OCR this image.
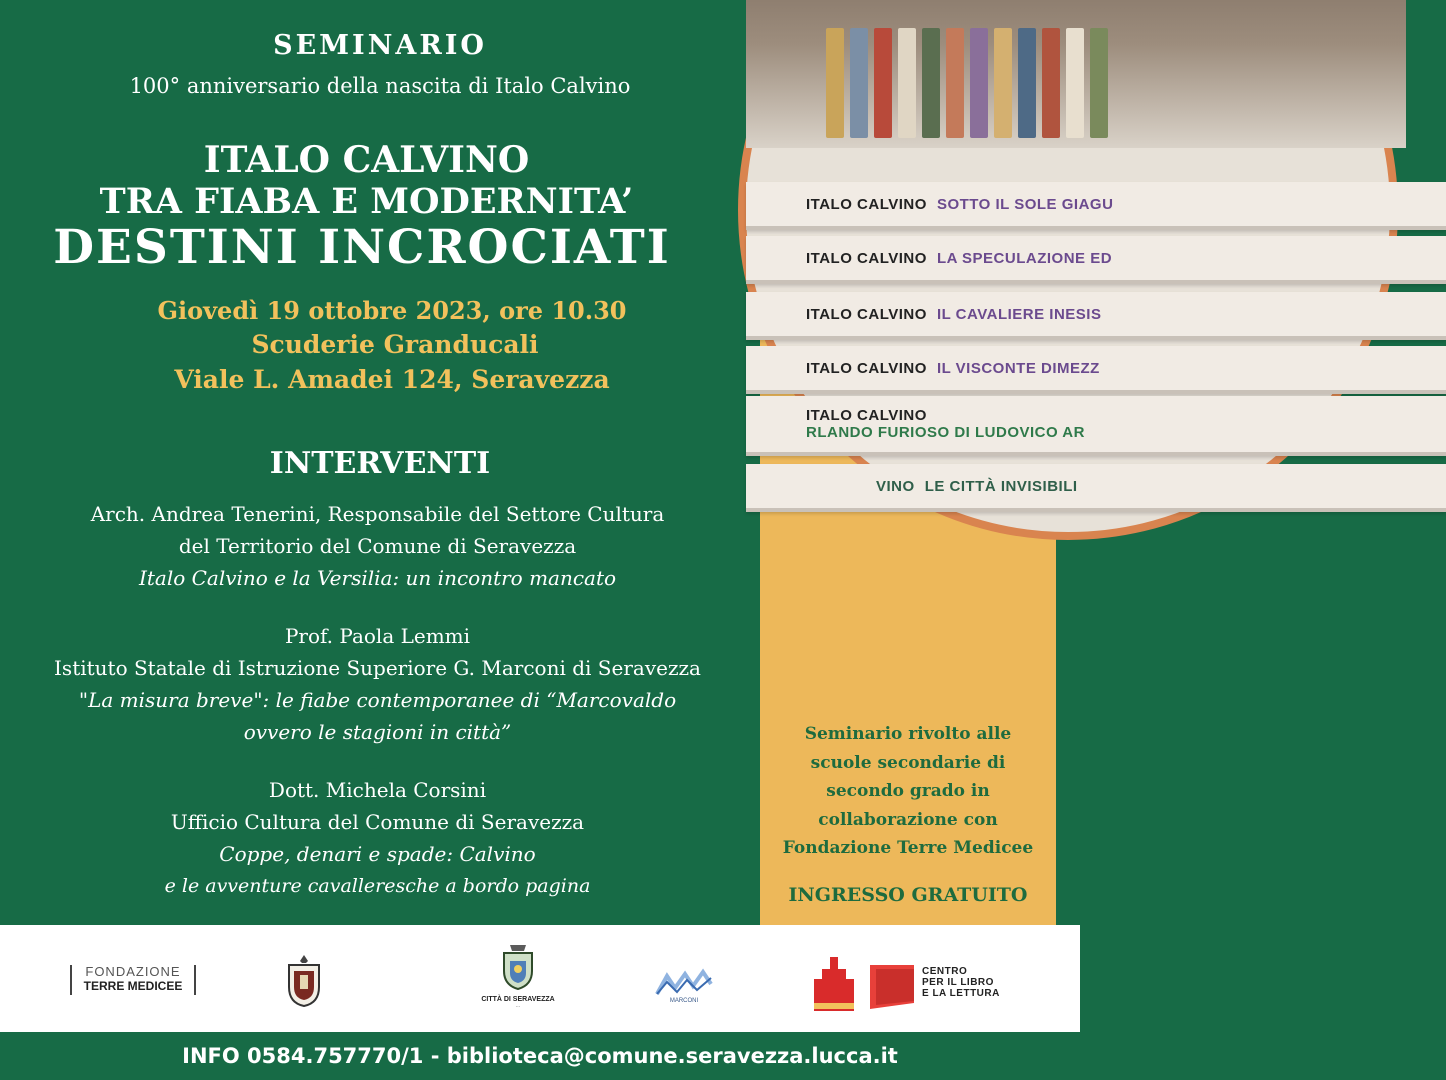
ITALO CALVINO SOTTO IL SOLE GIAGU
ITALO CALVINO LA SPECULAZIONE ED
ITALO CALVINO IL CAVALIERE INESIS
ITALO CALVINO IL VISCONTE DIMEZZ
ITALO CALVINO
RLANDO FURIOSO DI LUDOVICO AR
VINO LE CITTÀ INVISIBILI
SEMINARIO
100° anniversario della nascita di Italo Calvino
ITALO CALVINO
TRA FIABA E MODERNITA’
DESTINI INCROCIATI
Giovedì 19 ottobre 2023, ore 10.30
Scuderie Granducali
Viale L. Amadei 124, Seravezza
INTERVENTI
Arch. Andrea Tenerini, Responsabile del Settore Cultura
del Territorio del Comune di Seravezza
Italo Calvino e la Versilia: un incontro mancato
Prof. Paola Lemmi
Istituto Statale di Istruzione Superiore G. Marconi di Seravezza
"La misura breve": le fiabe contemporanee di “Marcovaldo
ovvero le stagioni in città”
Dott. Michela Corsini
Ufficio Cultura del Comune di Seravezza
Coppe, denari e spade: Calvino
e le avventure cavalleresche a bordo pagina
Seminario rivolto alle
scuole secondarie di
secondo grado in
collaborazione con
Fondazione Terre Medicee
INGRESSO GRATUITO
FONDAZIONE
TERRE MEDICEE
CITTÀ DI SERAVEZZA
...
MARCONI
CENTRO
PER IL LIBRO
E LA LETTURA
INFO 0584.757770/1 - biblioteca@comune.seravezza.lucca.it
